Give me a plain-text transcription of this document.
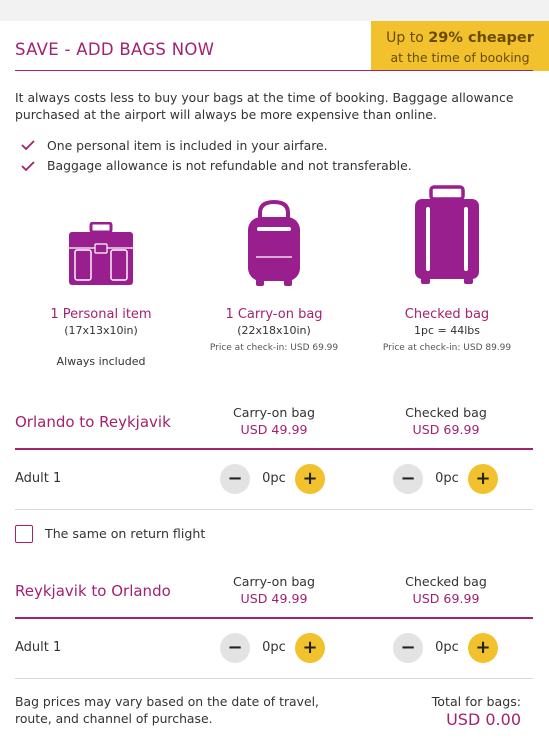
SAVE - ADD BAGS NOW
Up to 29% cheaper
at the time of booking
It always costs less to buy your bags at the time of booking. Baggage allowance purchased at the airport will always be more expensive than online.
One personal item is included in your airfare.
Baggage allowance is not refundable and not transferable.
1 Personal item
(17x13x10in)
Always included
1 Carry-on bag
(22x18x10in)
Price at check-in: USD 69.99
Checked bag
1pc = 44lbs
Price at check-in: USD 89.99
Orlando to Reykjavik
Carry-on bag
USD 49.99
Checked bag
USD 69.99
Adult 1	−	0pc +	−	0pc +
The same on return flight
Reykjavik to Orlando
Carry-on bag
USD 49.99
Checked bag
USD 69.99
Adult 1	−	0pc +	−	0pc +
Bag prices may vary based on the date of travel, route, and channel of purchase.
Total for bags:
USD 0.00
